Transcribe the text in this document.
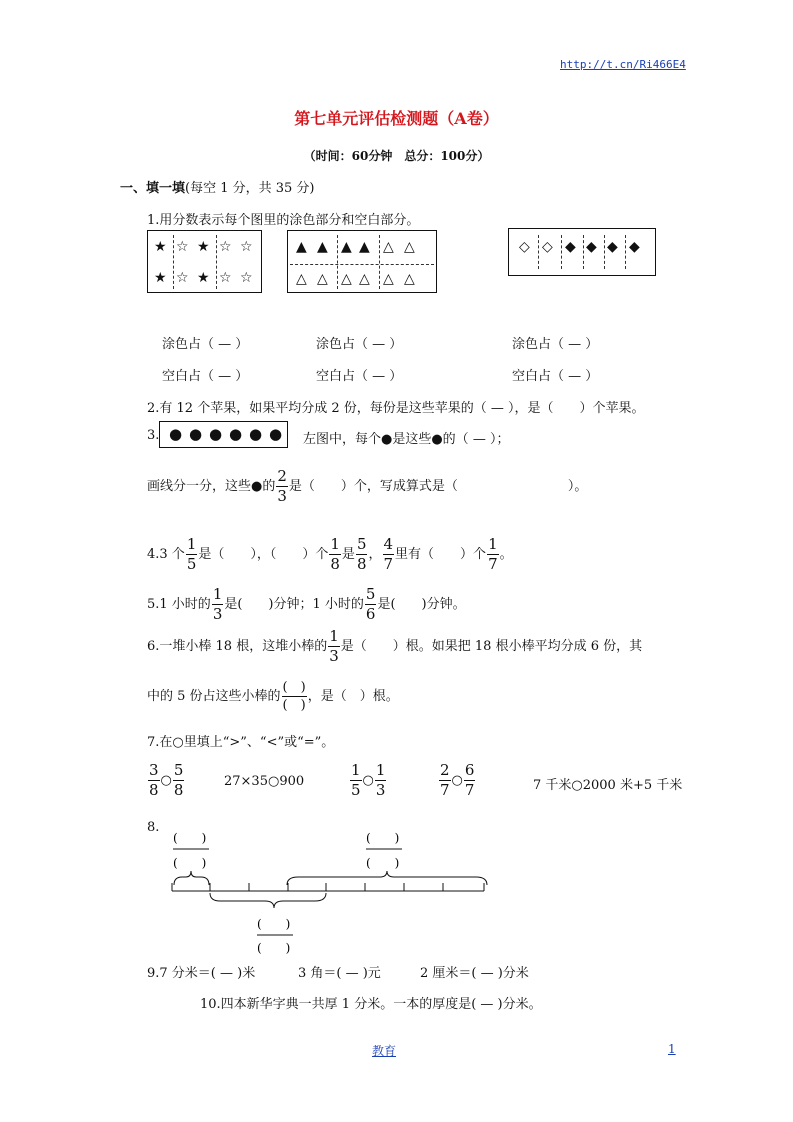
http://t.cn/Ri466E4
第七单元评估检测题（A卷）
（时间：60分钟　总分：100分）
一、填一填(每空 1 分，共 35 分)
1.用分数表示每个图里的涂色部分和空白部分。
★ ☆ ★ ☆ ☆
★ ☆ ★ ☆ ☆
▲ ▲ ▲ ▲ △ △
△ △ △ △ △ △
◇ ◇ ◆ ◆ ◆ ◆
涂色占（ — ）	涂色占（ — ）	涂色占（ — ）
空白占（ — ）	空白占（ — ）	空白占（ — ）
2.有 12 个苹果，如果平均分成 2 份，每份是这些苹果的（ — ），是（　　）个苹果。
3. ● ● ● ● ● ● 左图中，每个●是这些●的（ — ）；
画线分一分，这些●的 $\frac{2}{3}$ 是（　　）个，写成算式是（	）。
4.3 个 $\frac{1}{5}$ 是（　　），（　　）个 $\frac{1}{8}$ 是 $\frac{5}{8}$ ， $\frac{4}{7}$ 里有（　　）个 $\frac{1}{7}$ 。
5.1 小时的 $\frac{1}{3}$ 是(　　)分钟；1 小时的 $\frac{5}{6}$ 是(　　)分钟。
6.一堆小棒 18 根，这堆小棒的 $\frac{1}{3}$ 是（　　）根。如果把 18 根小棒平均分成 6 份，其
中的 5 份占这些小棒的 $\frac{( )}{( )}$ ，是（　）根。
7.在○里填上“>”、“<”或“=”。
$\frac{3}{8}$ ○ $\frac{5}{8}$	27×35○900	$\frac{1}{5}$ ○ $\frac{1}{3}$	$\frac{2}{7}$ ○ $\frac{6}{7}$	7 千米○2000 米+5 千米
8.
(　　)
(　　)
(　　)
(　　)
(　　)
(　　)
9.7 分米＝( — )米	3 角＝( — )元	2 厘米＝( — )分米
10.四本新华字典一共厚 1 分米。一本的厚度是( — )分米。
教育	1
